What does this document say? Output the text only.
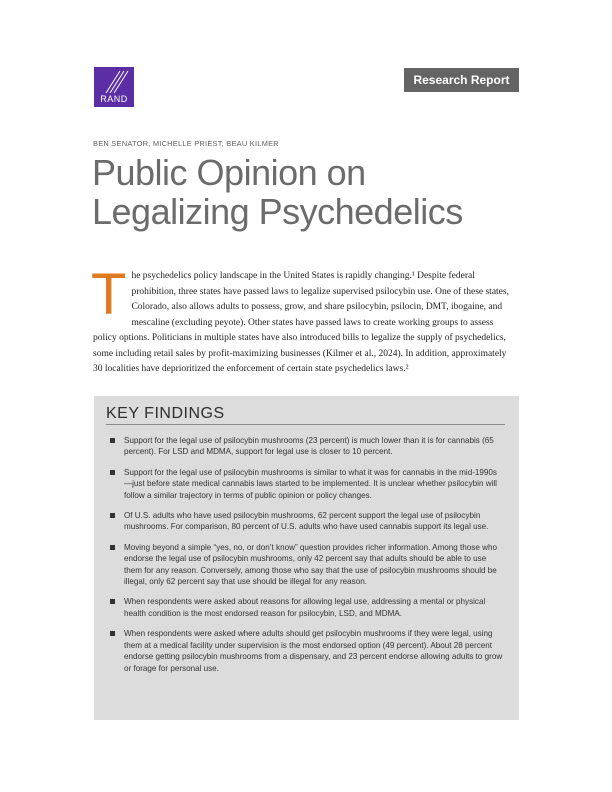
RAND
Research Report
BEN SENATOR, MICHELLE PRIEST, BEAU KILMER
Public Opinion on
Legalizing Psychedelics
T he psychedelics policy landscape in the United States is rapidly changing.¹ Despite federal prohibition, three states have passed laws to legalize supervised psilocybin use. One of these states, Colorado, also allows adults to possess, grow, and share psilocybin, psilocin, DMT, ibogaine, and mescaline (excluding peyote). Other states have passed laws to create working groups to assess policy options. Politicians in multiple states have also introduced bills to legalize the supply of psychedelics, some including retail sales by profit-maximizing businesses (Kilmer et al., 2024). In addition, approximately 30 localities have deprioritized the enforcement of certain state psychedelics laws.²
KEY FINDINGS
Support for the legal use of psilocybin mushrooms (23 percent) is much lower than it is for cannabis (65 percent). For LSD and MDMA, support for legal use is closer to 10 percent.
Support for the legal use of psilocybin mushrooms is similar to what it was for cannabis in the mid-1990s—just before state medical cannabis laws started to be implemented. It is unclear whether psilocybin will follow a similar trajectory in terms of public opinion or policy changes.
Of U.S. adults who have used psilocybin mushrooms, 62 percent support the legal use of psilocybin mushrooms. For comparison, 80 percent of U.S. adults who have used cannabis support its legal use.
Moving beyond a simple “yes, no, or don’t know” question provides richer information. Among those who endorse the legal use of psilocybin mushrooms, only 42 percent say that adults should be able to use them for any reason. Conversely, among those who say that the use of psilocybin mushrooms should be illegal, only 62 percent say that use should be illegal for any reason.
When respondents were asked about reasons for allowing legal use, addressing a mental or physical health condition is the most endorsed reason for psilocybin, LSD, and MDMA.
When respondents were asked where adults should get psilocybin mushrooms if they were legal, using them at a medical facility under supervision is the most endorsed option (49 percent). About 28 percent endorse getting psilocybin mushrooms from a dispensary, and 23 percent endorse allowing adults to grow or forage for personal use.
